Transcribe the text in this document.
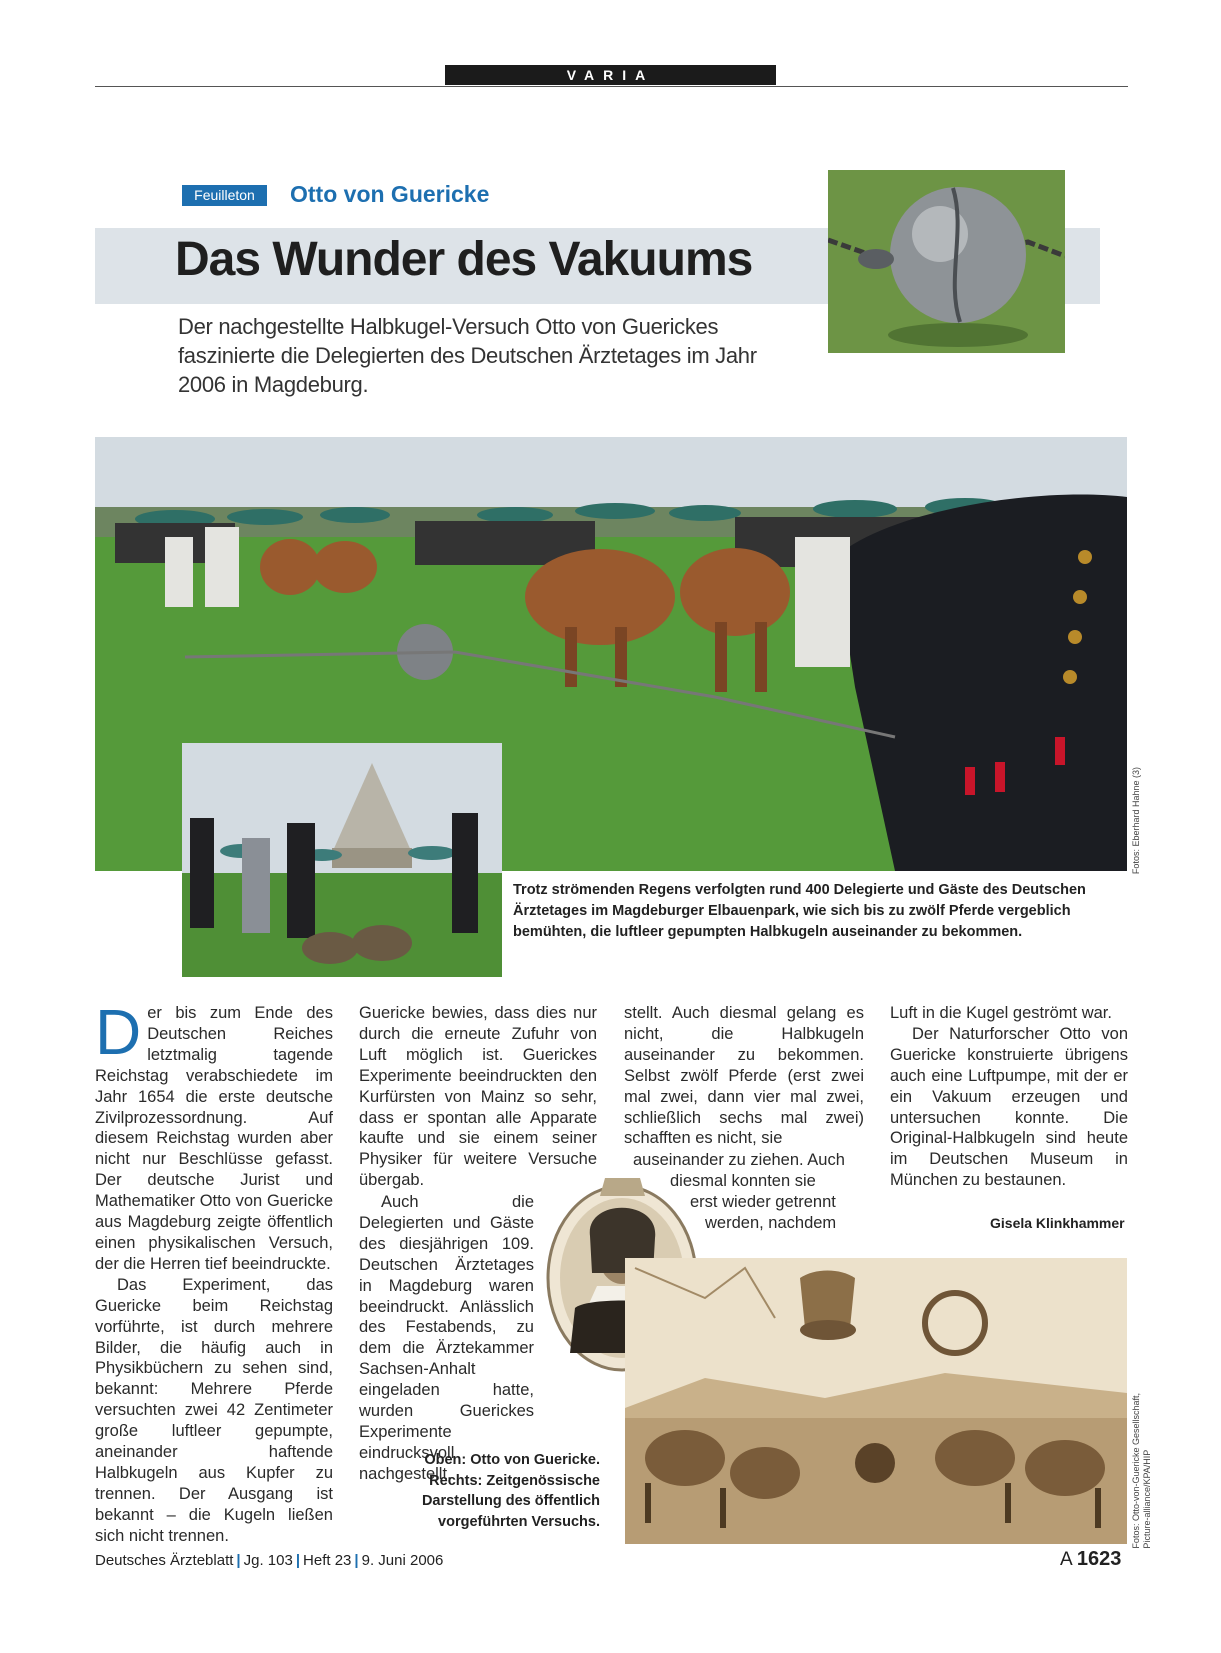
VARIA
Feuilleton	Otto von Guericke
Das Wunder des Vakuums
Der nachgestellte Halbkugel-Versuch Otto von Guerickes faszinierte die Delegierten des Deutschen Ärztetages im Jahr 2006 in Magdeburg.
Fotos: Eberhard Hahne (3)
Trotz strömenden Regens verfolgten rund 400 Delegierte und Gäste des Deutschen Ärztetages im Magdeburger Elbauenpark, wie sich bis zu zwölf Pferde vergeblich bemühten, die luftleer gepumpten Halbkugeln auseinander zu bekommen.

Der bis zum Ende des Deutschen Reiches letztmalig tagende Reichstag verabschiedete im Jahr 1654 die erste deutsche Zivilprozessordnung. Auf diesem Reichstag wurden aber nicht nur Beschlüsse gefasst. Der deutsche Jurist und Mathematiker Otto von Guericke aus Magdeburg zeigte öffentlich einen physikalischen Versuch, der die Herren tief beeindruckte.

Das Experiment, das Guericke beim Reichstag vorführte, ist durch mehrere Bilder, die häufig auch in Physikbüchern zu sehen sind, bekannt: Mehrere Pferde versuchten zwei 42 Zentimeter große luftleer gepumpte, aneinander haftende Halbkugeln aus Kupfer zu trennen. Der Ausgang ist bekannt – die Kugeln ließen sich nicht trennen.

Guericke bewies, dass dies nur durch die erneute Zufuhr von Luft möglich ist. Guerickes Experimente beeindruckten den Kurfürsten von Mainz so sehr, dass er spontan alle Apparate kaufte und sie einem seiner Physiker für weitere Versuche übergab.

Auch die Delegierten und Gäste des diesjährigen 109. Deutschen Ärztetages in Magdeburg waren beeindruckt. Anlässlich des Festabends, zu dem die Ärztekammer Sachsen-Anhalt eingeladen hatte, wurden Guerickes Experimente eindrucksvoll nachgestellt.

stellt. Auch diesmal gelang es nicht, die Halbkugeln auseinander zu bekommen. Selbst zwölf Pferde (erst zwei mal zwei, dann vier mal zwei, schließlich sechs mal zwei) schafften es nicht, sie

auseinander zu ziehen. Auch
diesmal konnten sie
erst wieder getrennt
werden, nachdem

Luft in die Kugel geströmt war.

Der Naturforscher Otto von Guericke konstruierte übrigens auch eine Luftpumpe, mit der er ein Vakuum erzeugen und untersuchen konnte. Die Original-Halbkugeln sind heute im Deutschen Museum in München zu bestaunen.

Gisela Klinkhammer
Fotos: Otto-von-Guericke Gesellschaft, Picture-alliance/KPA/HIP
Oben: Otto von Guericke. Rechts: Zeitgenössische Darstellung des öffentlich vorgeführten Versuchs.
Deutsches Ärzteblatt | Jg. 103 | Heft 23 | 9. Juni 2006	A 1623
